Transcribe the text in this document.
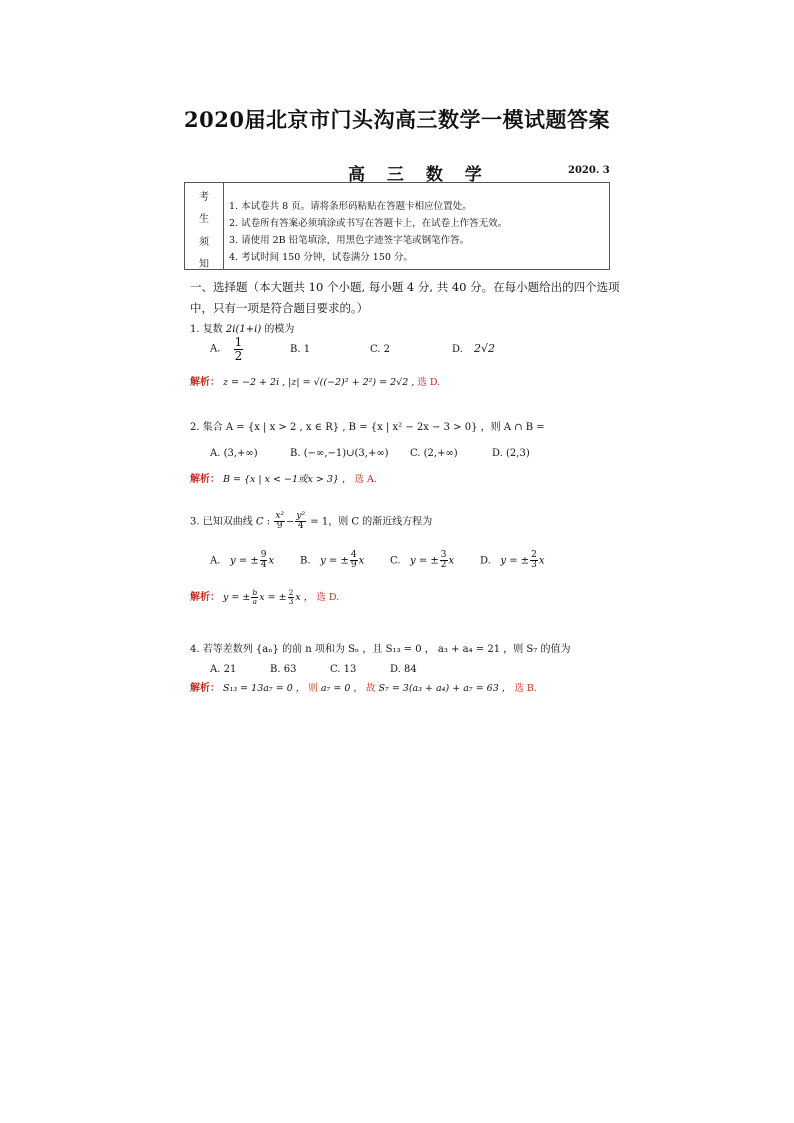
2020届北京市门头沟高三数学一模试题答案
高 三 数 学	2020. 3
考
生
须
知
1. 本试卷共 8 页。请将条形码粘贴在答题卡相应位置处。
2. 试卷所有答案必须填涂或书写在答题卡上，在试卷上作答无效。
3. 请使用 2B 铅笔填涂，用黑色字迹签字笔或钢笔作答。
4. 考试时间 150 分钟，试卷满分 150 分。
一、选择题（本大题共 10 个小题, 每小题 4 分, 共 40 分。在每小题给出的四个选项
中，只有一项是符合题目要求的。）
1. 复数 2i(1+i) 的模为
A. $\frac{1}{2}$	B. 1	C. 2	D. 2√2
解析： z = −2 + 2i , |z| = √((−2)² + 2²) = 2√2 , 选 D.
2. 集合 A = {x | x > 2 , x ∈ R} , B = {x | x² − 2x − 3 > 0} ，则 A ∩ B =
A. (3,+∞)	B. (−∞,−1)∪(3,+∞) C. (2,+∞)	D. (2,3)
解析： B = {x | x < −1或x > 3} ， 选 A.
3. 已知双曲线 C : $\frac{\text{x²}}{9} - \frac{\text{y²}}{4} = 1$，则 C 的渐近线方程为
A. y = ± $\frac{9}{4}$ x	B. y = ± $\frac{4}{9}$ x	C. y = ± $\frac{3}{2}$ x	D. y = ± $\frac{2}{3}$ x
解析： y = ± $\frac{b}{a}$ x = ± $\frac{2}{3}$ x ， 选 D.
4. 若等差数列 {aₙ} 的前 n 项和为 Sₙ ，且 S₁₃ = 0 ， a₃ + a₄ = 21 ，则 S₇ 的值为
A. 21	B. 63	C. 13	D. 84
解析： S₁₃ = 13a₇ = 0 ， 则 a₇ = 0 ， 故 S₇ = 3(a₃ + a₄) + a₇ = 63 ， 选 B.
